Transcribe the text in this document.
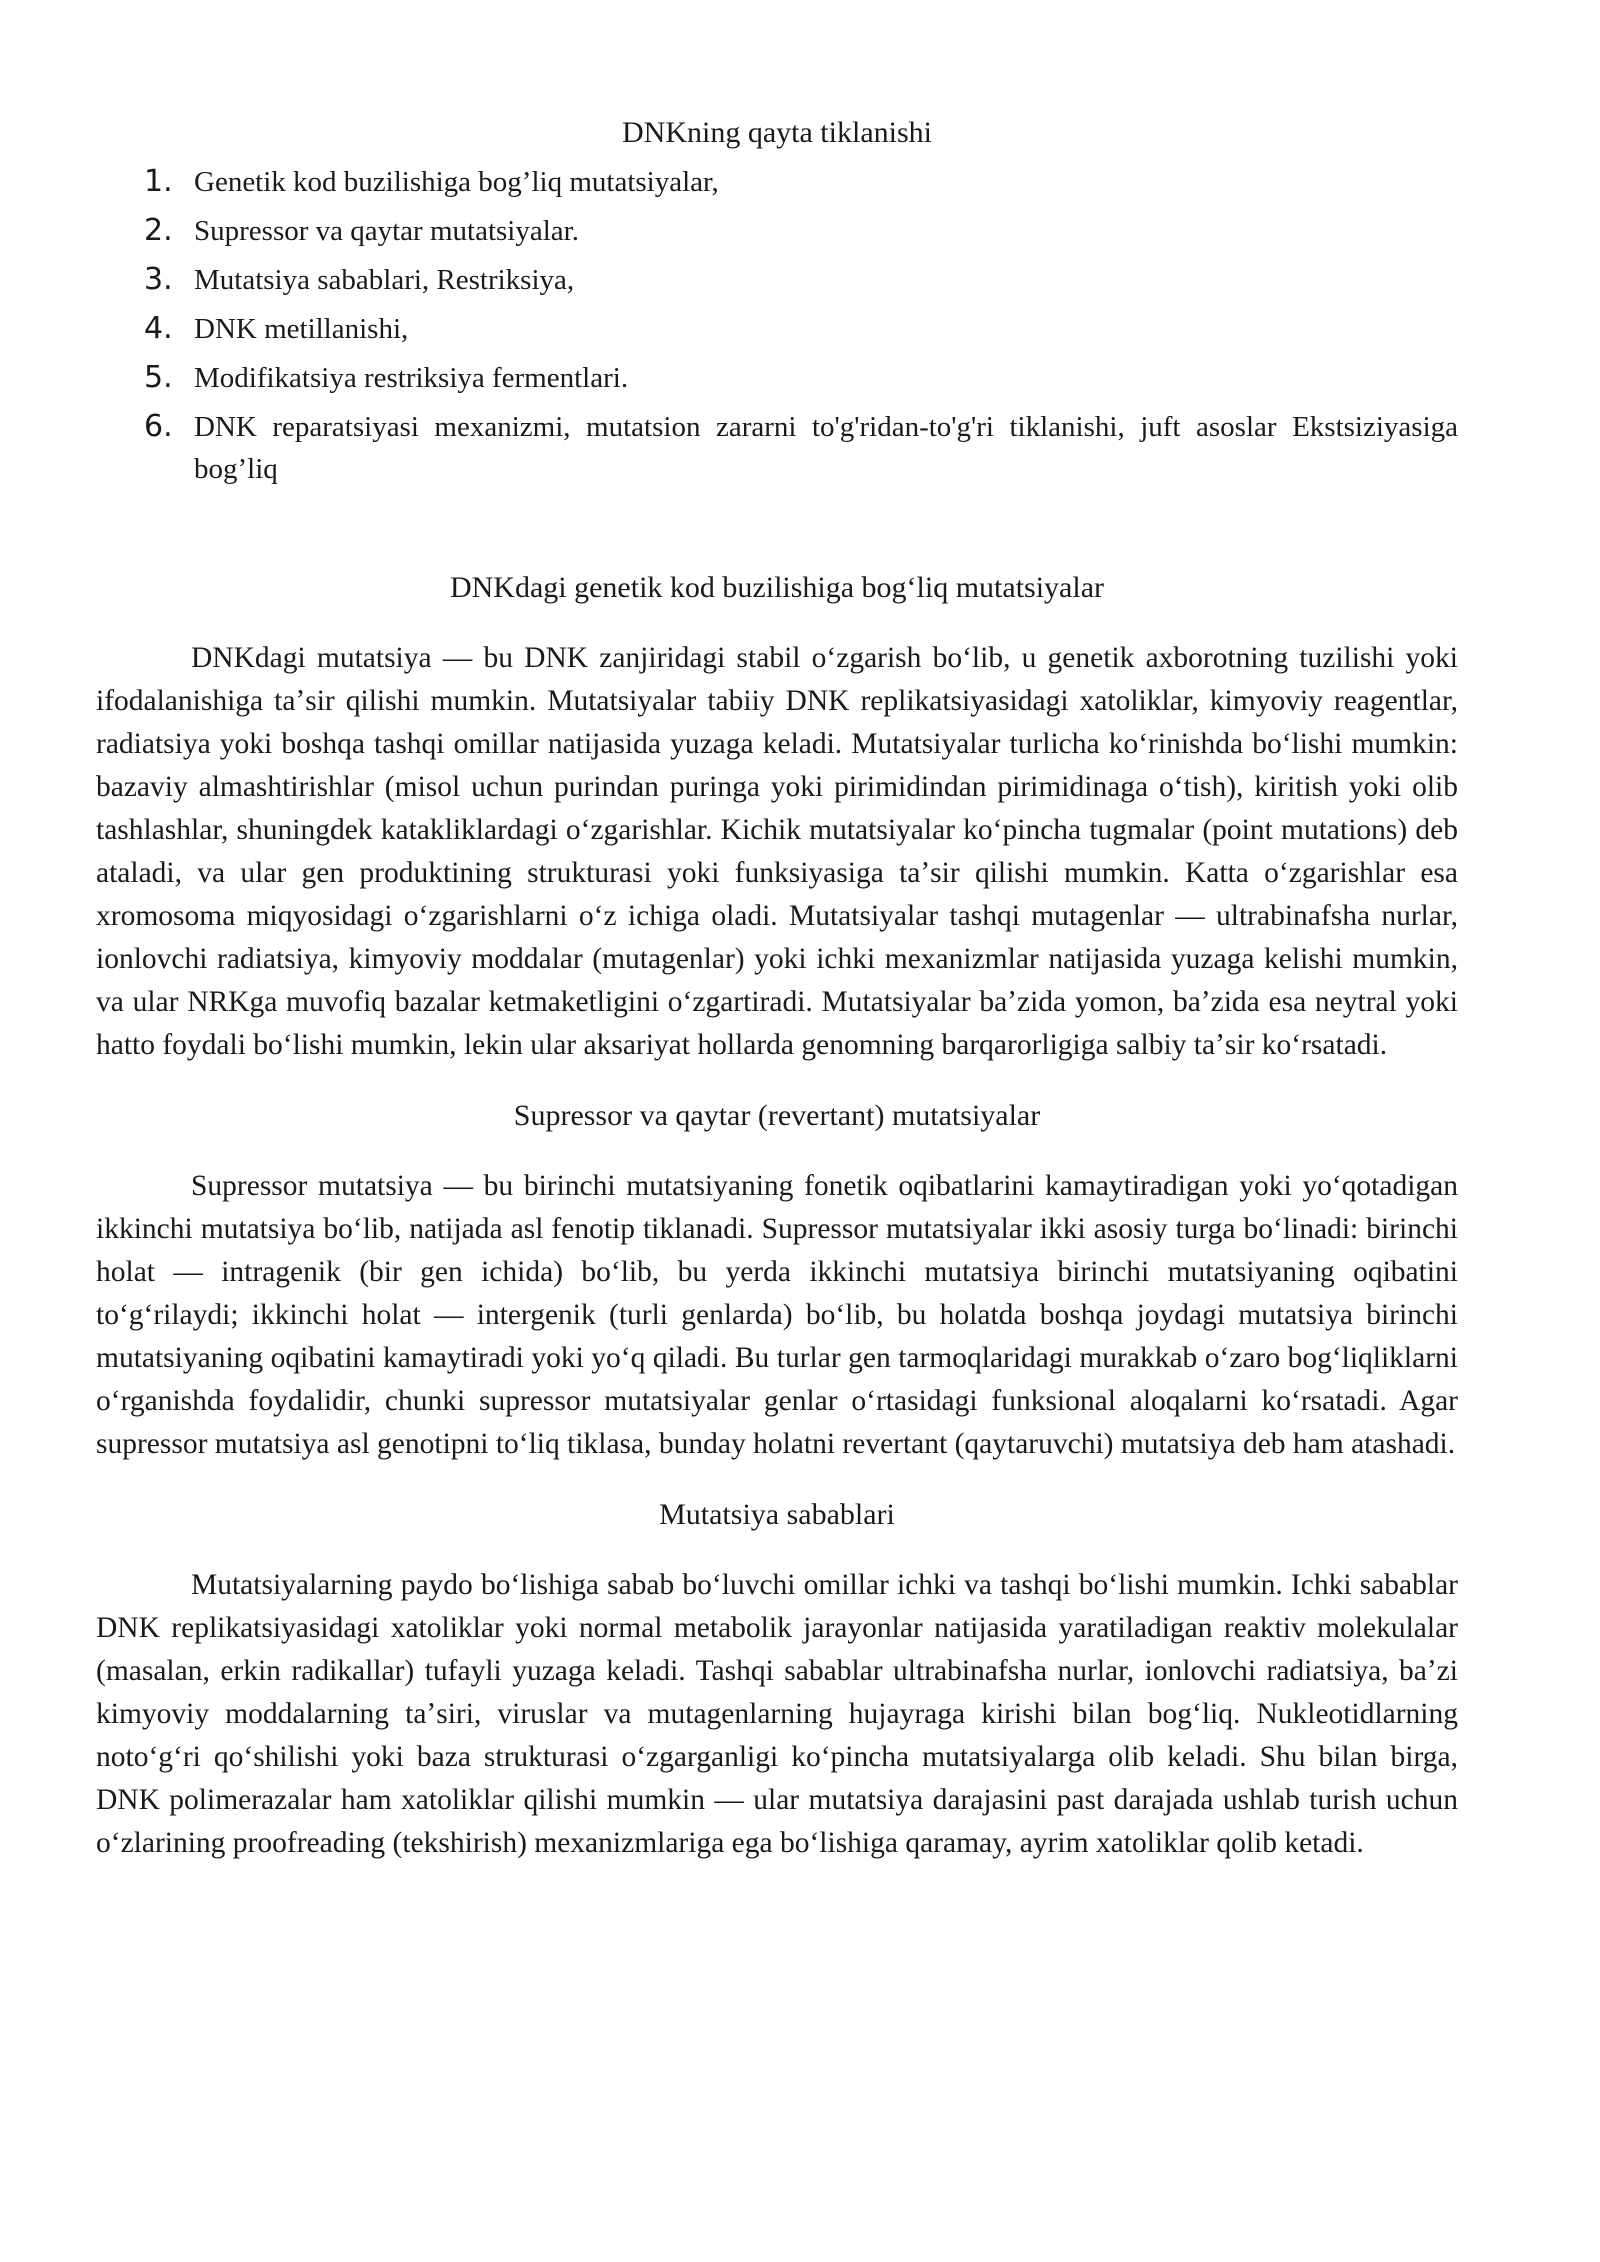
DNKning qayta tiklanishi

1. Genetik kod buzilishiga bog’liq mutatsiyalar,
2. Supressor va qaytar mutatsiyalar.
3. Mutatsiya sabablari, Restriksiya,
4. DNK metillanishi,
5. Modifikatsiya restriksiya fermentlari.
6. DNK reparatsiyasi mexanizmi, mutatsion zararni to'g'ridan-to'g'ri tiklanishi, juft asoslar Ekstsiziyasiga bog’liq

DNKdagi genetik kod buzilishiga bogʻliq mutatsiyalar

DNKdagi mutatsiya — bu DNK zanjiridagi stabil oʻzgarish boʻlib, u genetik axborotning tuzilishi yoki ifodalanishiga taʼsir qilishi mumkin. Mutatsiyalar tabiiy DNK replikatsiyasidagi xatoliklar, kimyoviy reagentlar, radiatsiya yoki boshqa tashqi omillar natijasida yuzaga keladi. Mutatsiyalar turlicha koʻrinishda boʻlishi mumkin: bazaviy almashtirishlar (misol uchun purindan puringa yoki pirimidindan pirimidinaga oʻtish), kiritish yoki olib tashlashlar, shuningdek katakliklardagi oʻzgarishlar. Kichik mutatsiyalar koʻpincha tugmalar (point mutations) deb ataladi, va ular gen produktining strukturasi yoki funksiyasiga taʼsir qilishi mumkin. Katta oʻzgarishlar esa xromosoma miqyosidagi oʻzgarishlarni oʻz ichiga oladi. Mutatsiyalar tashqi mutagenlar — ultrabinafsha nurlar, ionlovchi radiatsiya, kimyoviy moddalar (mutagenlar) yoki ichki mexanizmlar natijasida yuzaga kelishi mumkin, va ular NRKga muvofiq bazalar ketmaketligini oʻzgartiradi. Mutatsiyalar baʼzida yomon, baʼzida esa neytral yoki hatto foydali boʻlishi mumkin, lekin ular aksariyat hollarda genomning barqarorligiga salbiy taʼsir koʻrsatadi.

Supressor va qaytar (revertant) mutatsiyalar

Supressor mutatsiya — bu birinchi mutatsiyaning fonetik oqibatlarini kamaytiradigan yoki yoʻqotadigan ikkinchi mutatsiya boʻlib, natijada asl fenotip tiklanadi. Supressor mutatsiyalar ikki asosiy turga boʻlinadi: birinchi holat — intragenik (bir gen ichida) boʻlib, bu yerda ikkinchi mutatsiya birinchi mutatsiyaning oqibatini toʻgʻrilaydi; ikkinchi holat — intergenik (turli genlarda) boʻlib, bu holatda boshqa joydagi mutatsiya birinchi mutatsiyaning oqibatini kamaytiradi yoki yoʻq qiladi. Bu turlar gen tarmoqlaridagi murakkab oʻzaro bogʻliqliklarni oʻrganishda foydalidir, chunki supressor mutatsiyalar genlar oʻrtasidagi funksional aloqalarni koʻrsatadi. Agar supressor mutatsiya asl genotipni toʻliq tiklasa, bunday holatni revertant (qaytaruvchi) mutatsiya deb ham atashadi.

Mutatsiya sabablari

Mutatsiyalarning paydo boʻlishiga sabab boʻluvchi omillar ichki va tashqi boʻlishi mumkin. Ichki sabablar DNK replikatsiyasidagi xatoliklar yoki normal metabolik jarayonlar natijasida yaratiladigan reaktiv molekulalar (masalan, erkin radikallar) tufayli yuzaga keladi. Tashqi sabablar ultrabinafsha nurlar, ionlovchi radiatsiya, baʼzi kimyoviy moddalarning taʼsiri, viruslar va mutagenlarning hujayraga kirishi bilan bogʻliq. Nukleotidlarning notoʻgʻri qoʻshilishi yoki baza strukturasi oʻzgarganligi koʻpincha mutatsiyalarga olib keladi. Shu bilan birga, DNK polimerazalar ham xatoliklar qilishi mumkin — ular mutatsiya darajasini past darajada ushlab turish uchun oʻzlarining proofreading (tekshirish) mexanizmlariga ega boʻlishiga qaramay, ayrim xatoliklar qolib ketadi.
